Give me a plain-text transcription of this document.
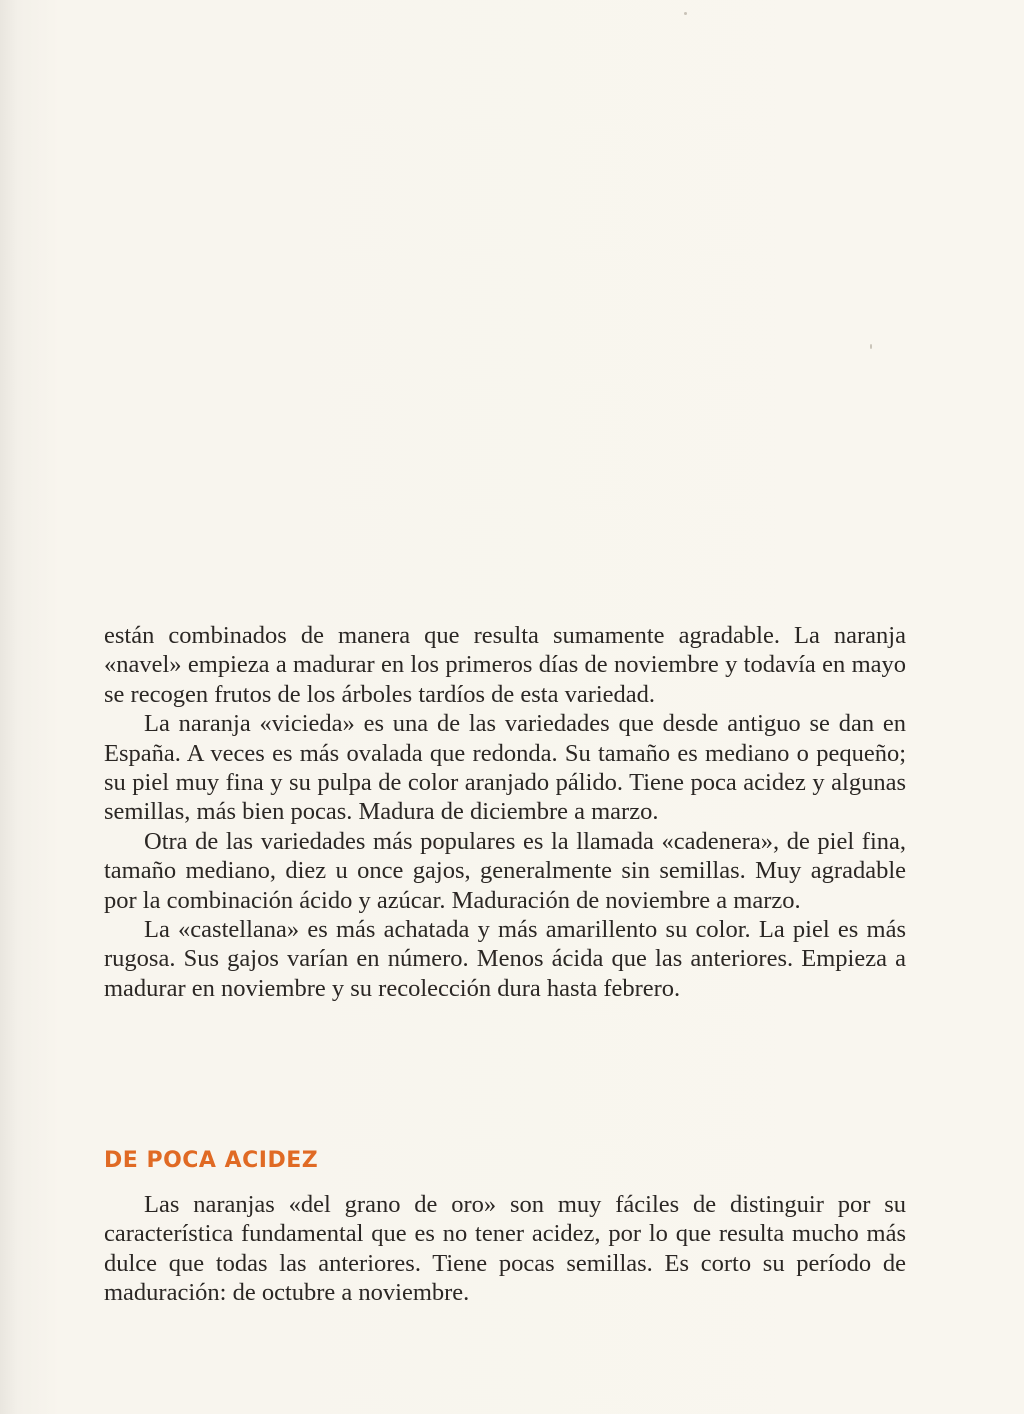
están combinados de manera que resulta sumamente agradable. La naranja «navel» empieza a madurar en los primeros días de noviembre y todavía en mayo se recogen frutos de los árboles tardíos de esta variedad.

La naranja «vicieda» es una de las variedades que desde antiguo se dan en España. A veces es más ovalada que redonda. Su tamaño es mediano o pequeño; su piel muy fina y su pulpa de color aranjado pálido. Tiene poca acidez y algunas semillas, más bien pocas. Madura de diciembre a marzo.

Otra de las variedades más populares es la llamada «cadenera», de piel fina, tamaño mediano, diez u once gajos, generalmente sin semillas. Muy agradable por la combinación ácido y azúcar. Maduración de noviembre a marzo.

La «castellana» es más achatada y más amarillento su color. La piel es más rugosa. Sus gajos varían en número. Menos ácida que las anteriores. Empieza a madurar en noviembre y su recolección dura hasta febrero.

DE POCA ACIDEZ

Las naranjas «del grano de oro» son muy fáciles de distinguir por su característica fundamental que es no tener acidez, por lo que resulta mucho más dulce que todas las anteriores. Tiene pocas semillas. Es corto su período de maduración: de octubre a noviembre.
